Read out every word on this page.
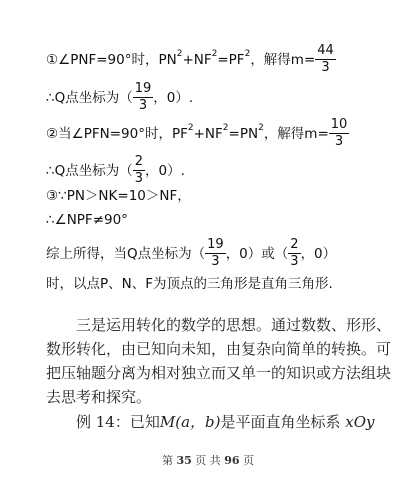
① ∠PNF=90°时，PN 2 +NF 2 =PF 2 ，解得$m= \frac{44}{3}$
∴Q点坐标为（ $\frac{19}{3}$ ，0）.
②当∠PFN=90°时，PF 2 +NF 2 =PN 2 ，解得$m= \frac{10}{3}$
∴Q点坐标为（ $\frac{2}{3}$ ，0）.
③∵PN＞NK=10＞NF，
∴∠NPF≠90°
综上所得，当Q点坐标为（ $\frac{19}{3}$ ，0）或（ $\frac{2}{3}$ ，0）
时，以点P、N、F为顶点的三角形是直角三角形.
三是运用转化的数学的思想。通过数数、形形、数形转化，由已知向未知，由复杂向简单的转换。可把压轴题分离为相对独立而又单一的知识或方法组块去思考和探究。
例 14：已知M(a，b)是平面直角坐标系 xOy
第 35 页 共 96 页
